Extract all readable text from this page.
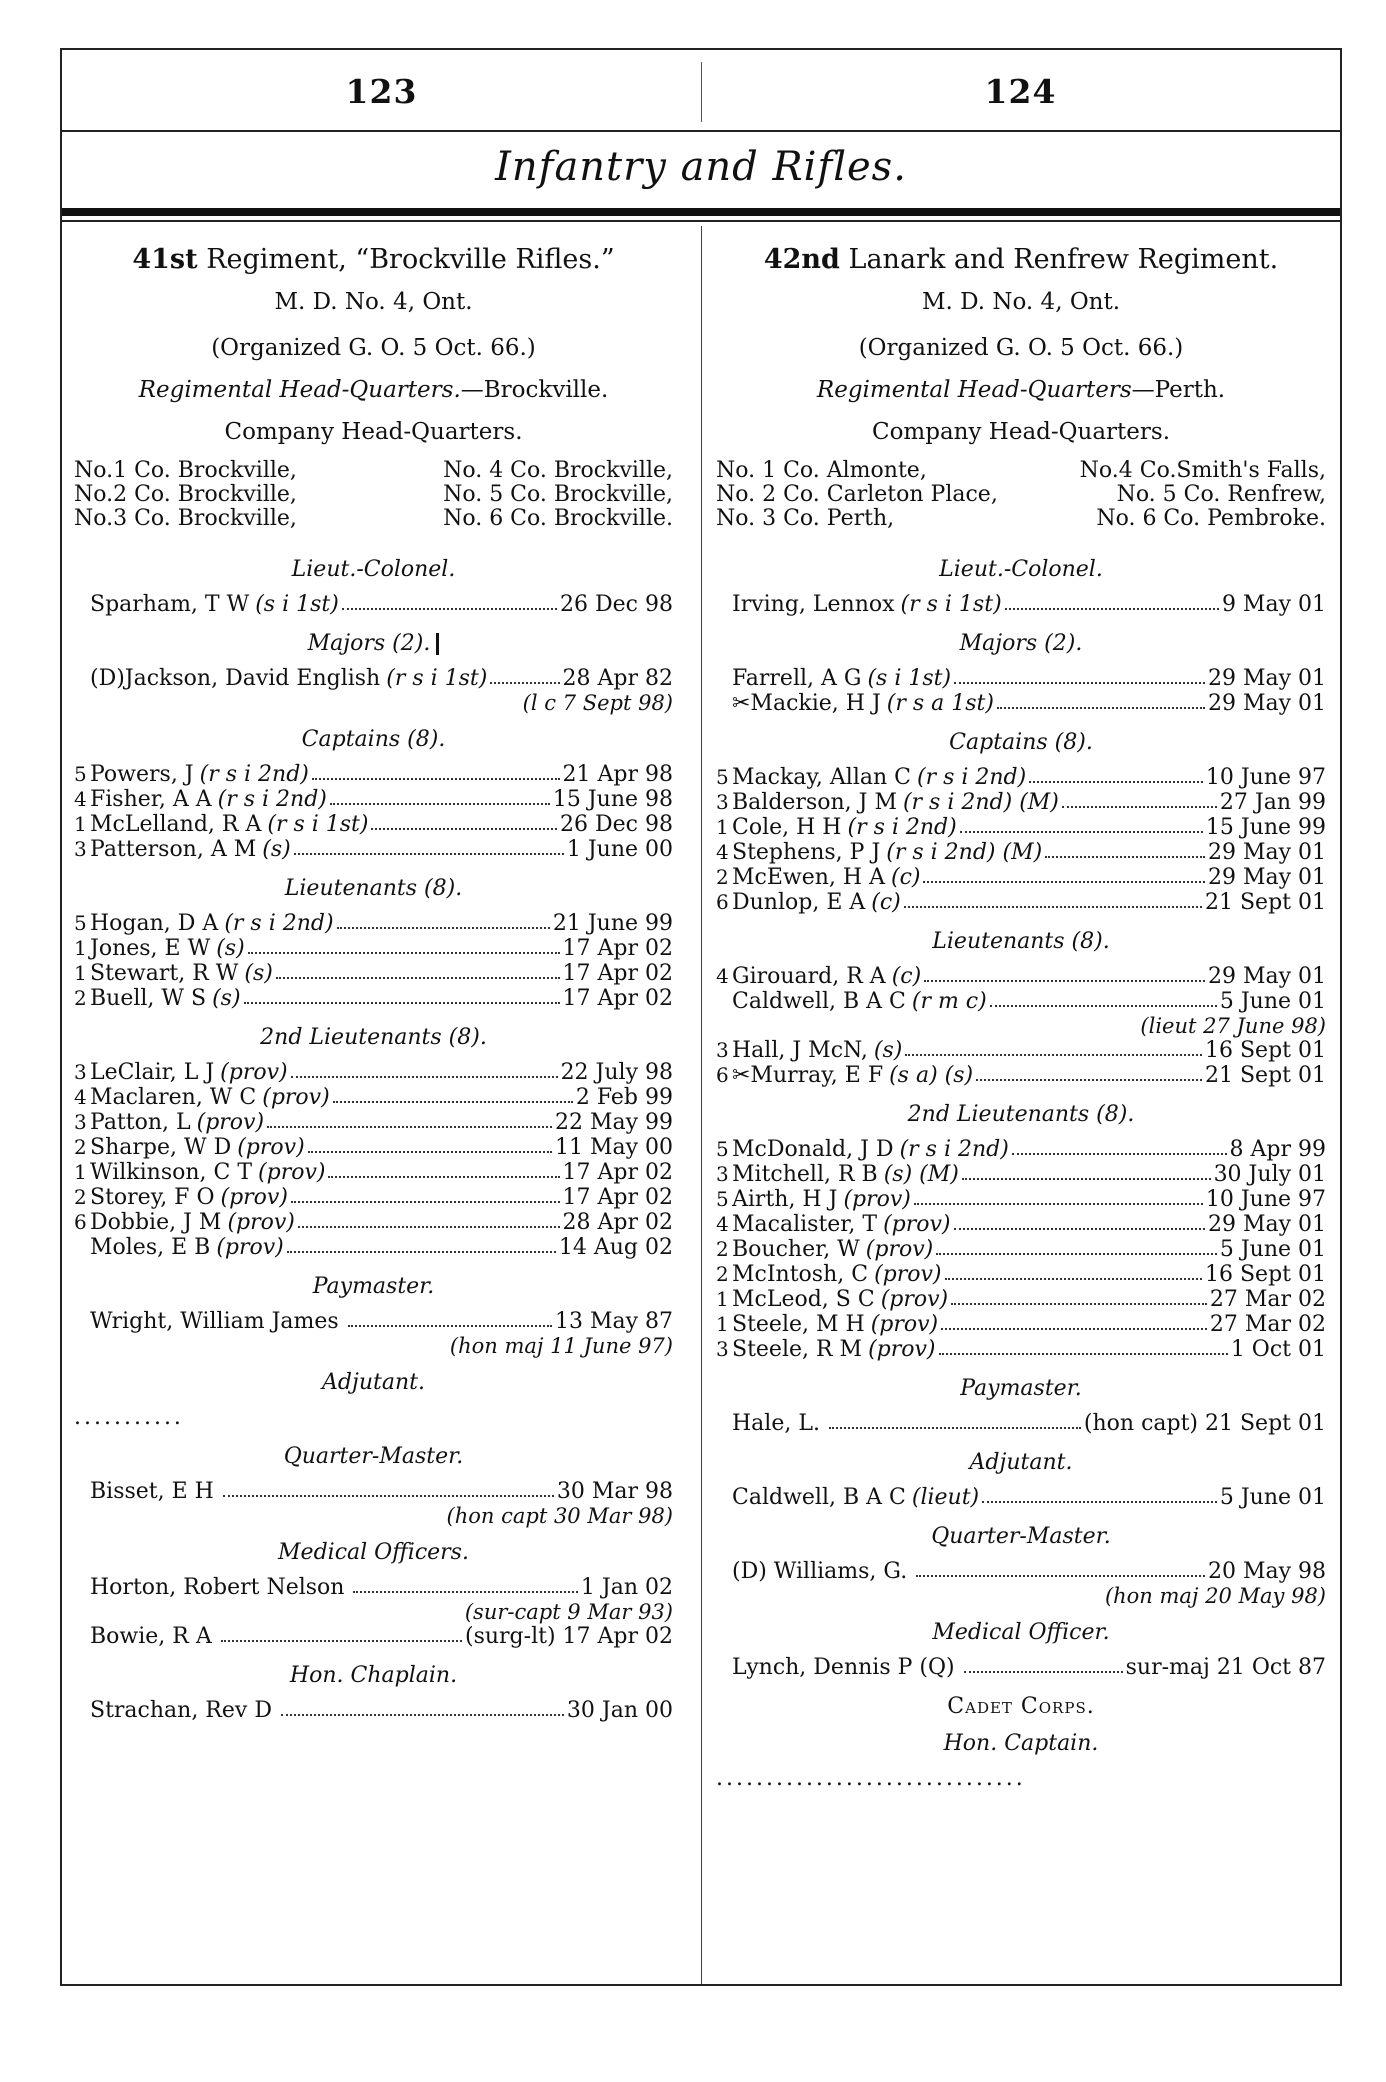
123	124
Infantry and Rifles.
41st Regiment, “Brockville Rifles.”
M. D. No. 4, Ont.
(Organized G. O. 5 Oct. 66.)
Regimental Head-Quarters.—Brockville.
Company Head-Quarters.
No.1 Co. Brockville,	No. 4 Co. Brockville,
No.2 Co. Brockville,	No. 5 Co. Brockville,
No.3 Co. Brockville,	No. 6 Co. Brockville.
Lieut.-Colonel.
Sparham, T W (s i 1st)	26 Dec 98
Majors (2).
(D)Jackson, David English (r s i 1st)	28 Apr 82
(l c 7 Sept 98)
Captains (8).
5 Powers, J (r s i 2nd)	21 Apr 98
4 Fisher, A A (r s i 2nd)	15 June 98
1 McLelland, R A (r s i 1st)	26 Dec 98
3 Patterson, A M (s)	1 June 00
Lieutenants (8).
5 Hogan, D A (r s i 2nd)	21 June 99
1 Jones, E W (s)	17 Apr 02
1 Stewart, R W (s)	17 Apr 02
2 Buell, W S (s)	17 Apr 02
2nd Lieutenants (8).
3 LeClair, L J (prov)	22 July 98
4 Maclaren, W C (prov)	2 Feb 99
3 Patton, L (prov)	22 May 99
2 Sharpe, W D (prov)	11 May 00
1 Wilkinson, C T (prov)	17 Apr 02
2 Storey, F O (prov)	17 Apr 02
6 Dobbie, J M (prov)	28 Apr 02
Moles, E B (prov)	14 Aug 02
Paymaster.
Wright, William James	13 May 87
(hon maj 11 June 97)
Adjutant.
...........
Quarter-Master.
Bisset, E H	30 Mar 98
(hon capt 30 Mar 98)
Medical Officers.
Horton, Robert Nelson	1 Jan 02
(sur-capt 9 Mar 93)
Bowie, R A	(surg-lt) 17 Apr 02
Hon. Chaplain.
Strachan, Rev D	30 Jan 00
42nd Lanark and Renfrew Regiment.
M. D. No. 4, Ont.
(Organized G. O. 5 Oct. 66.)
Regimental Head-Quarters—Perth.
Company Head-Quarters.
No. 1 Co. Almonte,	No.4 Co.Smith's Falls,
No. 2 Co. Carleton Place,	No. 5 Co. Renfrew,
No. 3 Co. Perth,	No. 6 Co. Pembroke.
Lieut.-Colonel.
Irving, Lennox (r s i 1st)	9 May 01
Majors (2).
Farrell, A G (s i 1st)	29 May 01
✂Mackie, H J (r s a 1st)	29 May 01
Captains (8).
5 Mackay, Allan C (r s i 2nd)	10 June 97
3 Balderson, J M (r s i 2nd) (M)	27 Jan 99
1 Cole, H H (r s i 2nd)	15 June 99
4 Stephens, P J (r s i 2nd) (M)	29 May 01
2 McEwen, H A (c)	29 May 01
6 Dunlop, E A (c)	21 Sept 01
Lieutenants (8).
4 Girouard, R A (c)	29 May 01
Caldwell, B A C (r m c)	5 June 01
(lieut 27 June 98)
3 Hall, J McN, (s)	16 Sept 01
6 ✂Murray, E F (s a) (s)	21 Sept 01
2nd Lieutenants (8).
5 McDonald, J D (r s i 2nd)	8 Apr 99
3 Mitchell, R B (s) (M)	30 July 01
5 Airth, H J (prov)	10 June 97
4 Macalister, T (prov)	29 May 01
2 Boucher, W (prov)	5 June 01
2 McIntosh, C (prov)	16 Sept 01
1 McLeod, S C (prov)	27 Mar 02
1 Steele, M H (prov)	27 Mar 02
3 Steele, R M (prov)	1 Oct 01
Paymaster.
Hale, L.	(hon capt) 21 Sept 01
Adjutant.
Caldwell, B A C (lieut)	5 June 01
Quarter-Master.
(D) Williams, G.	20 May 98
(hon maj 20 May 98)
Medical Officer.
Lynch, Dennis P (Q)	sur-maj 21 Oct 87
Cadet Corps.
Hon. Captain.
...............................
